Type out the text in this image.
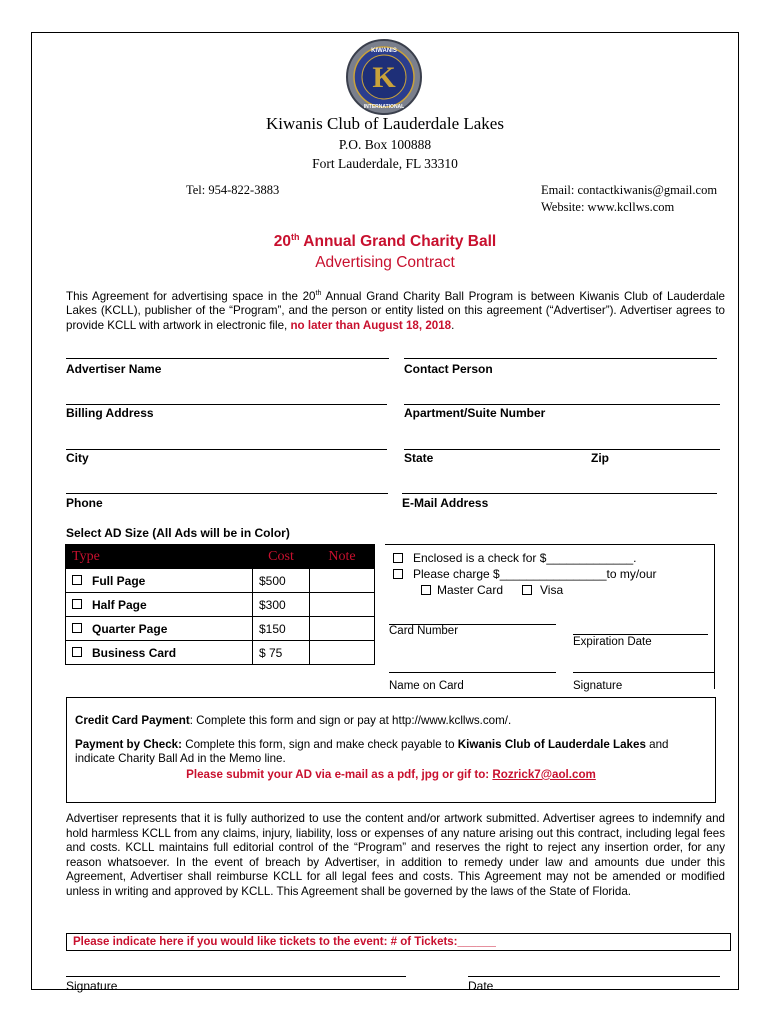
K
KIWANIS
INTERNATIONAL
Kiwanis Club of Lauderdale Lakes
P.O. Box 100888
Fort Lauderdale, FL 33310
Tel: 954-822-3883	Email: contactkiwanis@gmail.com
Website: www.kcllws.com
20th Annual Grand Charity Ball
Advertising Contract
This Agreement for advertising space in the 20th Annual Grand Charity Ball Program is between Kiwanis Club of Lauderdale Lakes (KCLL), publisher of the “Program”, and the person or entity listed on this agreement (“Advertiser”). Advertiser agrees to provide KCLL with artwork in electronic file, no later than August 18, 2018.
Advertiser Name	Contact Person
Billing Address	Apartment/Suite Number
City	State	Zip
Phone	E-Mail Address
Select AD Size (All Ads will be in Color)
Type	Cost	Note
Full Page	$500	
Half Page	$300	
Quarter Page	$150	
Business Card	$ 75	
Enclosed is a check for $_____________.
Please charge $________________to my/our
Master Card	Visa
Card Number
Expiration Date
Name on Card	Signature
Credit Card Payment: Complete this form and sign or pay at http://www.kcllws.com/.
Payment by Check: Complete this form, sign and make check payable to Kiwanis Club of Lauderdale Lakes and indicate Charity Ball Ad in the Memo line.
Please submit your AD via e-mail as a pdf, jpg or gif to: Rozrick7@aol.com
Advertiser represents that it is fully authorized to use the content and/or artwork submitted. Advertiser agrees to indemnify and hold harmless KCLL from any claims, injury, liability, loss or expenses of any nature arising out this contract, including legal fees and costs. KCLL maintains full editorial control of the “Program” and reserves the right to reject any insertion order, for any reason whatsoever. In the event of breach by Advertiser, in addition to remedy under law and amounts due under this Agreement, Advertiser shall reimburse KCLL for all legal fees and costs. This Agreement may not be amended or modified unless in writing and approved by KCLL. This Agreement shall be governed by the laws of the State of Florida.
Please indicate here if you would like tickets to the event: # of Tickets:______
Signature	Date
